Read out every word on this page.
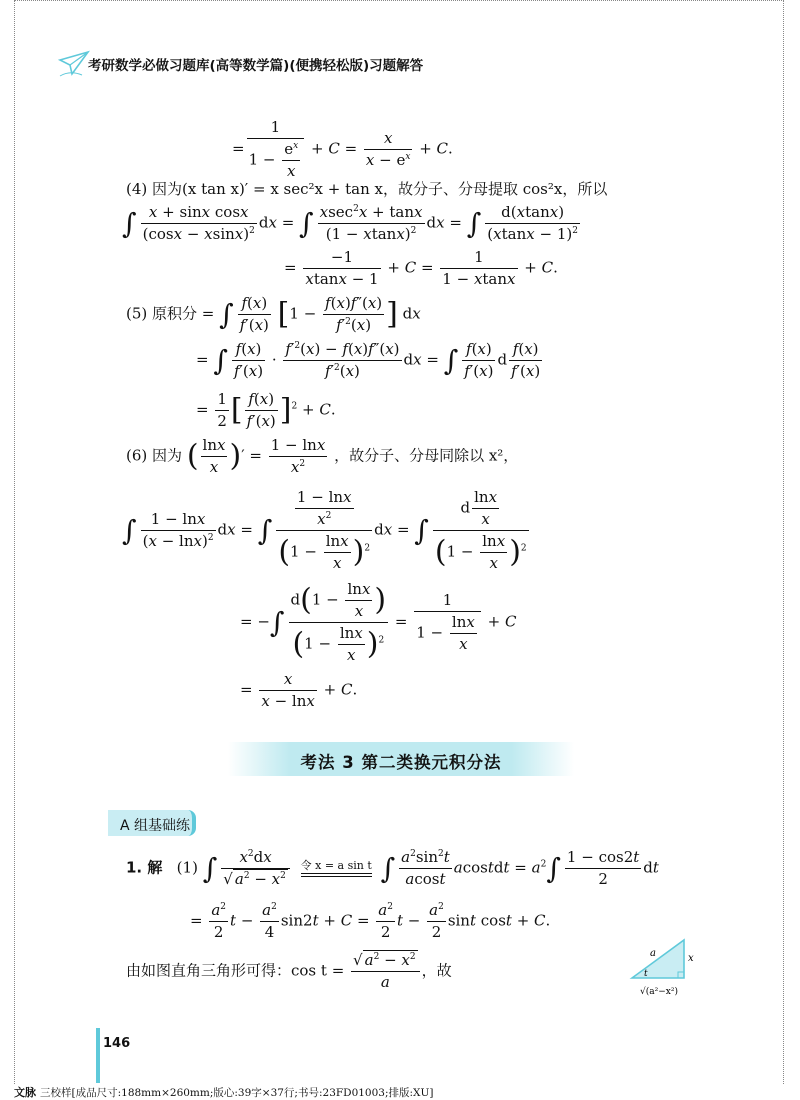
考研数学必做习题库(高等数学篇)(便携轻松版)习题解答
= $\frac{1}{1 - \frac{e^x}{x}} + C = \frac{x}{x - e^x} + C$.
(4) 因为(x tan x)′ = x sec²x + tan x，故分子、分母提取 cos²x，所以
∫ $\frac{\text{x + sinx cosx}}{(\cos x - xsinx)^2}$ dx = ∫ $\frac{xsec^2x + \tan x}{(1 - xtanx)^2}$ dx = ∫ $\frac{d(xtanx)}{(xtanx - 1)^2}$
= $\frac{-1}{xtanx - 1} + C = \frac{1}{1 - xtanx} + C$.
(5) 原积分 = ∫ $\frac{f(x)}{f'(x)} [1 - \frac{f(x)f''(x)}{f'^2(x)}$ ] dx
= ∫ $\frac{f(x)}{f'(x)} \cdot \frac{f'^2(x) - f(x)f''(x)}{f'^2(x)}$ dx = ∫ $\frac{f(x)}{f'(x)}$ d $\frac{f(x)}{f'(x)}$
= $\frac{1}{2}$ [ $\frac{f(x)}{f'(x)} ]^2 + C$.
(6) 因为 ( $\frac{\ln x}{x}$ )′ = $\frac{1 - \ln x}{x^2}$ ，故分子、分母同除以 x²，
∫ $\frac{1 - \ln x}{(x - \ln x)^2}$ dx = ∫ $\frac{\frac{1 - \ln x}{x^2}}{(1 - \frac{\ln x}{x} )^2}$ dx = ∫ $\frac{d \frac{\ln x}{x}}{(1 - \frac{\ln x}{x} )^2}$
= −∫ $\frac{d(1 - \frac{\ln x}{x} )}{(1 - \frac{\ln x}{x} )^2} = \frac{1}{1 - \frac{\ln x}{x}} + C$
= $\frac{x}{x - \ln x} + C$.
考法 3 第二类换元积分法
A 组基础练
1. 解 (1) ∫ $\frac{x^2dx}{√ a^2 - x^2}$ 令 x = a sin t ∫ $\frac{a^2\sin^2t}{acost}$ acostdt = $a^2\int \frac{1 - \cos 2t}{2}$ dt
= $\frac{a^2}{2}$ $t - \frac{a^2}{4} \sin 2t + C = \frac{a^2}{2}$ $t - \frac{a^2}{2}$ sint cost + C.
由如图直角三角形可得：$\cos t = \frac{√ a^2 - x^2}{a}$ ，故
a	x
t
√(a²−x²)
146
文脉 三校样[成品尺寸:188mm×260mm;版心:39字×37行;书号:23FD01003;排版:XU]
